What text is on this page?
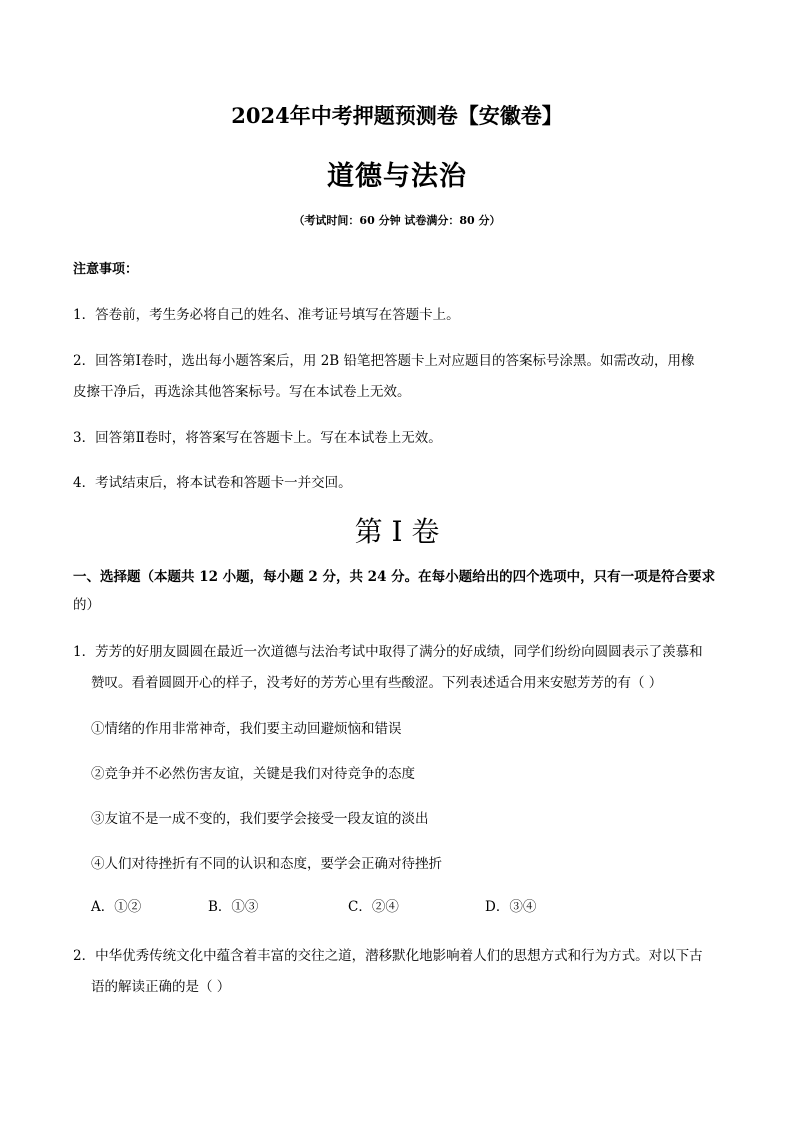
2024年中考押题预测卷【安徽卷】
道德与法治
（考试时间：60 分钟 试卷满分：80 分）
注意事项：
1．答卷前，考生务必将自己的姓名、准考证号填写在答题卡上。
2．回答第Ⅰ卷时，选出每小题答案后，用 2B 铅笔把答题卡上对应题目的答案标号涂黑。如需改动，用橡
皮擦干净后，再选涂其他答案标号。写在本试卷上无效。
3．回答第Ⅱ卷时，将答案写在答题卡上。写在本试卷上无效。
4．考试结束后，将本试卷和答题卡一并交回。
第 I 卷
一、选择题（本题共 12 小题，每小题 2 分，共 24 分。在每小题给出的四个选项中，只有一项是符合要求
的）
1．芳芳的好朋友圆圆在最近一次道德与法治考试中取得了满分的好成绩，同学们纷纷向圆圆表示了羡慕和
赞叹。看着圆圆开心的样子，没考好的芳芳心里有些酸涩。下列表述适合用来安慰芳芳的有（ ）
①情绪的作用非常神奇，我们要主动回避烦恼和错误
②竞争并不必然伤害友谊，关键是我们对待竞争的态度
③友谊不是一成不变的，我们要学会接受一段友谊的淡出
④人们对待挫折有不同的认识和态度，要学会正确对待挫折
A．①②	B．①③	C．②④	D．③④
2．中华优秀传统文化中蕴含着丰富的交往之道，潜移默化地影响着人们的思想方式和行为方式。对以下古
语的解读正确的是（ ）
